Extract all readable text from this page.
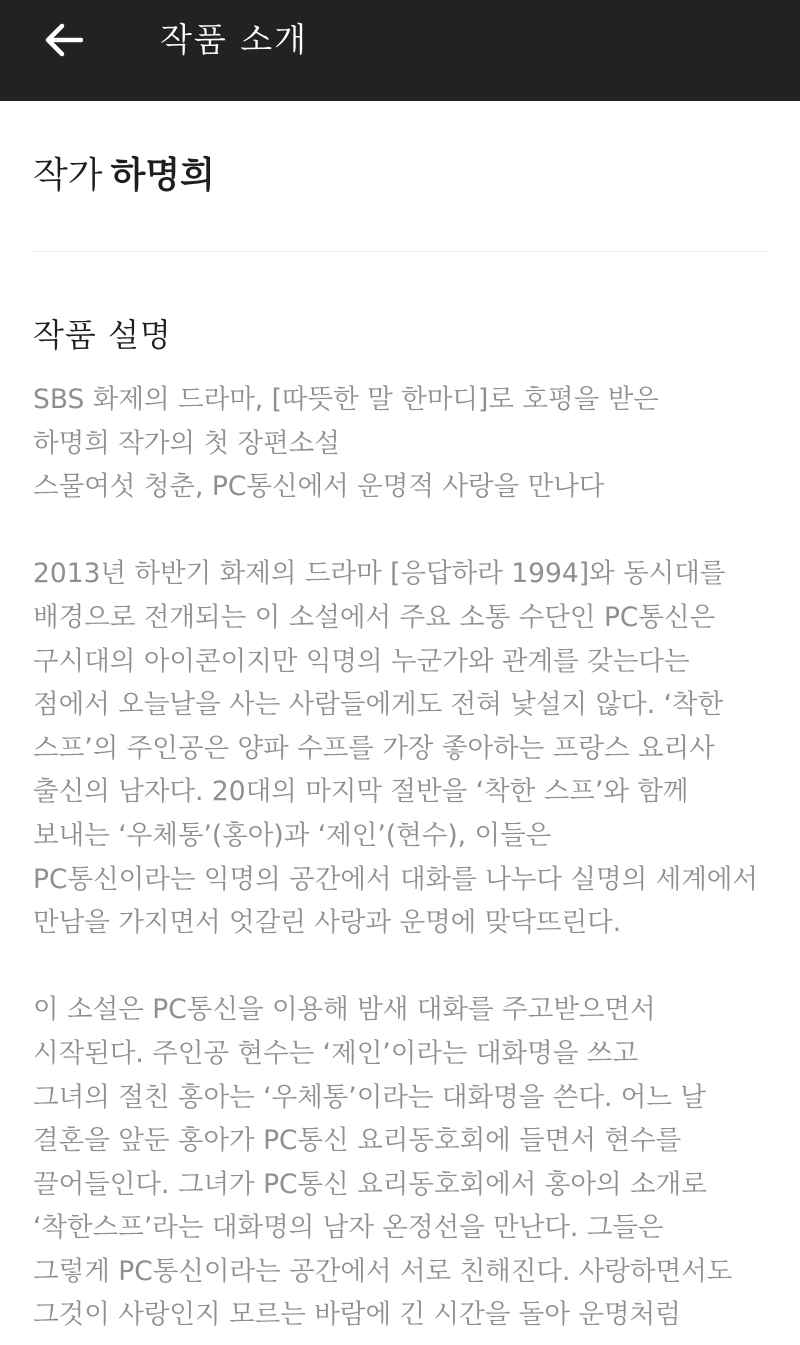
작품 소개
작가 하명희
작품 설명
SBS 화제의 드라마, [따뜻한 말 한마디]로 호평을 받은
하명희 작가의 첫 장편소설
스물여섯 청춘, PC통신에서 운명적 사랑을 만나다
2013년 하반기 화제의 드라마 [응답하라 1994]와 동시대를
배경으로 전개되는 이 소설에서 주요 소통 수단인 PC통신은
구시대의 아이콘이지만 익명의 누군가와 관계를 갖는다는
점에서 오늘날을 사는 사람들에게도 전혀 낯설지 않다. ‘착한
스프’의 주인공은 양파 수프를 가장 좋아하는 프랑스 요리사
출신의 남자다. 20대의 마지막 절반을 ‘착한 스프’와 함께
보내는 ‘우체통’(홍아)과 ‘제인’(현수), 이들은
PC통신이라는 익명의 공간에서 대화를 나누다 실명의 세계에서
만남을 가지면서 엇갈린 사랑과 운명에 맞닥뜨린다.
이 소설은 PC통신을 이용해 밤새 대화를 주고받으면서
시작된다. 주인공 현수는 ‘제인’이라는 대화명을 쓰고
그녀의 절친 홍아는 ‘우체통’이라는 대화명을 쓴다. 어느 날
결혼을 앞둔 홍아가 PC통신 요리동호회에 들면서 현수를
끌어들인다. 그녀가 PC통신 요리동호회에서 홍아의 소개로
‘착한스프’라는 대화명의 남자 온정선을 만난다. 그들은
그렇게 PC통신이라는 공간에서 서로 친해진다. 사랑하면서도
그것이 사랑인지 모르는 바람에 긴 시간을 돌아 운명처럼
